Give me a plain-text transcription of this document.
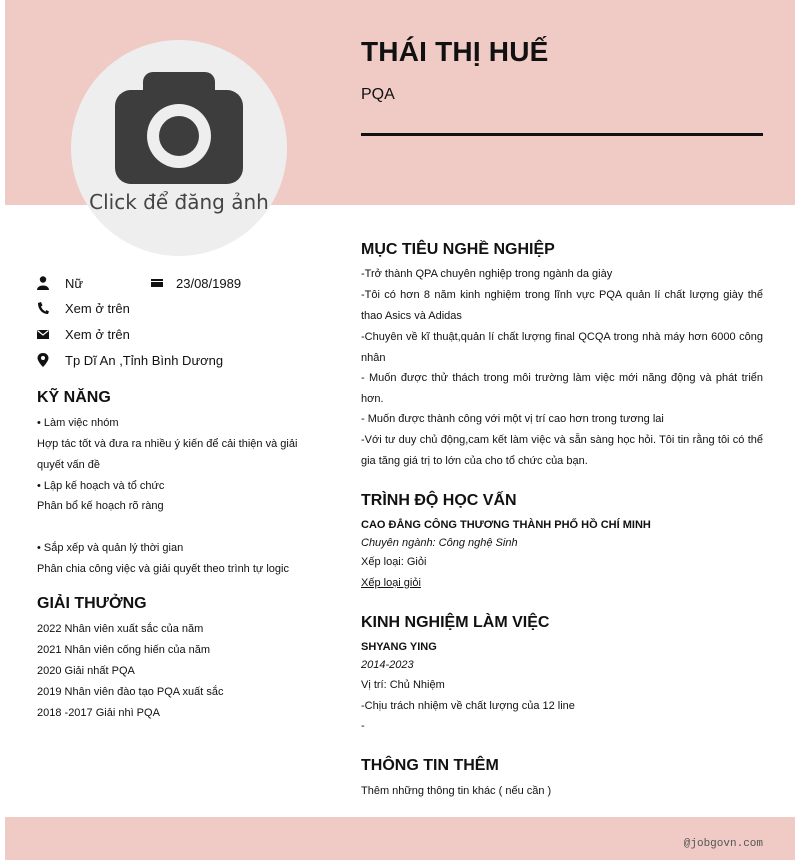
Click để đăng ảnh
THÁI THỊ HUẾ
PQA
Nữ	23/08/1989
Xem ở trên
Xem ở trên
Tp Dĩ An ,Tỉnh Bình Dương
KỸ NĂNG
• Làm việc nhóm
Hợp tác tốt và đưa ra nhiều ý kiến để cải thiện và giải
quyết vấn đề
• Lập kế hoạch và tổ chức
Phân bổ kế hoạch rõ ràng
• Sắp xếp và quản lý thời gian
Phân chia công việc và giải quyết theo trình tự logic
GIẢI THƯỞNG
2022 Nhân viên xuất sắc của năm
2021 Nhân viên cống hiến của năm
2020 Giải nhất PQA
2019 Nhân viên đào tạo PQA xuất sắc
2018 -2017 Giải nhì PQA
MỤC TIÊU NGHỀ NGHIỆP
-Trở thành QPA chuyên nghiệp trong ngành da giày
-Tôi có hơn 8 năm kinh nghiệm trong lĩnh vực PQA quản lí chất lượng giày thể thao Asics và Adidas
-Chuyên về kĩ thuật,quản lí chất lượng final QCQA trong nhà máy hơn 6000 công nhân
- Muốn được thử thách trong môi trường làm việc mới năng động và phát triển hơn.
- Muốn được thành công với một vị trí cao hơn trong tương lai
-Với tư duy chủ động,cam kết làm việc và sẵn sàng học hỏi. Tôi tin rằng tôi có thể gia tăng giá trị to lớn của cho tổ chức của bạn.
TRÌNH ĐỘ HỌC VẤN
CAO ĐẲNG CÔNG THƯƠNG THÀNH PHỐ HỒ CHÍ MINH
Chuyên ngành: Công nghệ Sinh
Xếp loại: Giỏi
Xếp loại giỏi
KINH NGHIỆM LÀM VIỆC
SHYANG YING
2014-2023
Vị trí: Chủ Nhiệm
-Chịu trách nhiệm về chất lượng của 12 line
-
THÔNG TIN THÊM
Thêm những thông tin khác ( nếu cần )
@jobgovn.com
